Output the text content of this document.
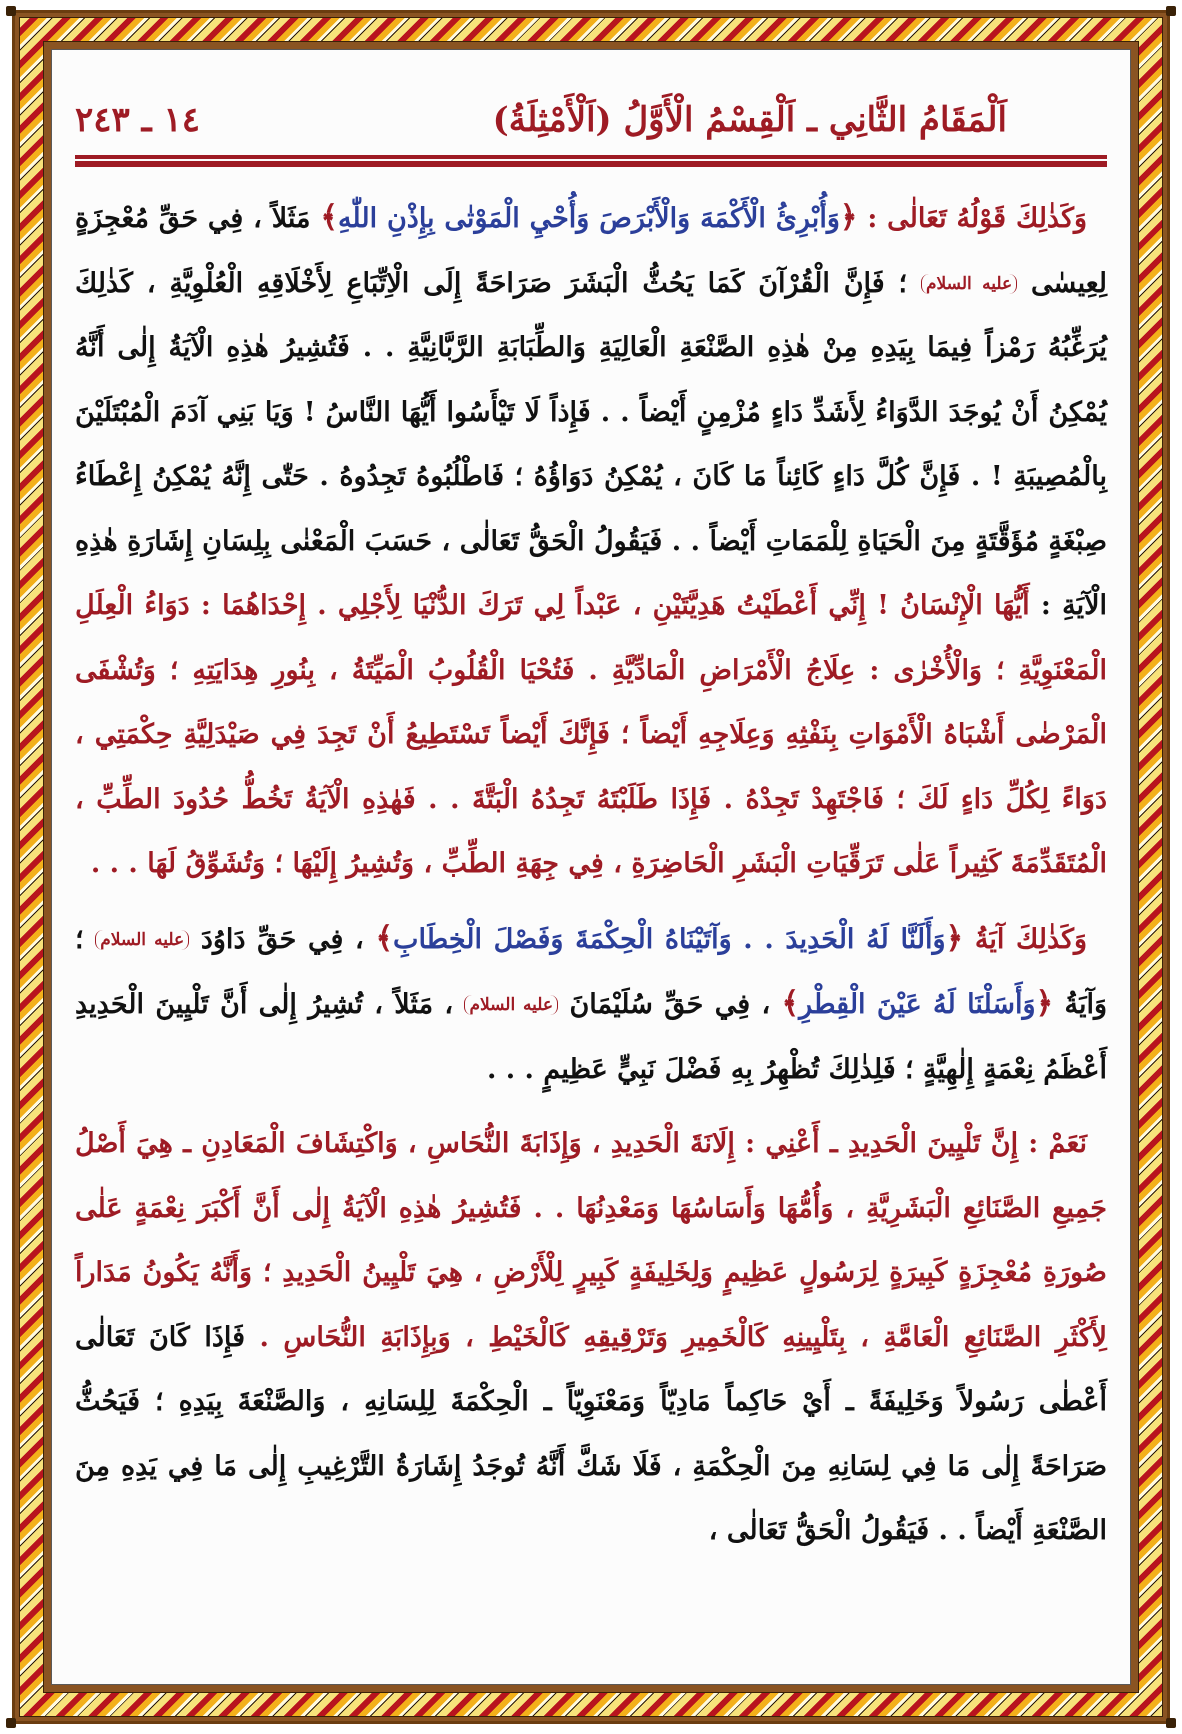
اَلْمَقَامُ الثَّانِي ـ اَلْقِسْمُ الْأَوَّلُ (اَلْأَمْثِلَةُ)
١٤ ـ ٢٤٣

وَكَذٰلِكَ قَوْلُهُ تَعَالٰى : ﴿وَأُبْرِئُ الْأَكْمَهَ وَالْأَبْرَصَ وَأُحْيِ الْمَوْتٰى بِإِذْنِ اللّٰهِ﴾ مَثَلاً ، فِي حَقِّ مُعْجِزَةٍ لِعِيسٰى عليه السلام ؛ فَإِنَّ الْقُرْآنَ كَمَا يَحُثُّ الْبَشَرَ صَرَاحَةً إِلَى الْاِتِّبَاعِ لِأَخْلَاقِهِ الْعُلْوِيَّةِ ، كَذٰلِكَ يُرَغِّبُهُ رَمْزاً فِيمَا بِيَدِهِ مِنْ هٰذِهِ الصَّنْعَةِ الْعَالِيَةِ وَالطِّبَابَةِ الرَّبَّانِيَّةِ . . فَتُشِيرُ هٰذِهِ الْآيَةُ إِلٰى أَنَّهُ يُمْكِنُ أَنْ يُوجَدَ الدَّوَاءُ لِأَشَدِّ دَاءٍ مُزْمِنٍ أَيْضاً . . فَإِذاً لَا تَيْأَسُوا أَيُّهَا النَّاسُ ! وَيَا بَنِي آدَمَ الْمُبْتَلَيْنَ بِالْمُصِيبَةِ ! . فَإِنَّ كُلَّ دَاءٍ كَائِناً مَا كَانَ ، يُمْكِنُ دَوَاؤُهُ ؛ فَاطْلُبُوهُ تَجِدُوهُ . حَتّٰى إِنَّهُ يُمْكِنُ إِعْطَاءُ صِبْغَةٍ مُؤَقَّتَةٍ مِنَ الْحَيَاةِ لِلْمَمَاتِ أَيْضاً . . فَيَقُولُ الْحَقُّ تَعَالٰى ، حَسَبَ الْمَعْنٰى بِلِسَانِ إِشَارَةِ هٰذِهِ الْآيَةِ : أَيُّهَا الْإِنْسَانُ ! إِنِّي أَعْطَيْتُ هَدِيَّتَيْنِ ، عَبْداً لِي تَرَكَ الدُّنْيَا لِأَجْلِي . إِحْدَاهُمَا : دَوَاءُ الْعِلَلِ الْمَعْنَوِيَّةِ ؛ وَالْأُخْرٰى : عِلَاجُ الْأَمْرَاضِ الْمَادِّيَّةِ . فَتُحْيَا الْقُلُوبُ الْمَيِّتَةُ ، بِنُورِ هِدَايَتِهِ ؛ وَتُشْفَى الْمَرْضٰى أَشْبَاهُ الْأَمْوَاتِ بِنَفْثِهِ وَعِلَاجِهِ أَيْضاً ؛ فَإِنَّكَ أَيْضاً تَسْتَطِيعُ أَنْ تَجِدَ فِي صَيْدَلِيَّةِ حِكْمَتِي ، دَوَاءً لِكُلِّ دَاءٍ لَكَ ؛ فَاجْتَهِدْ تَجِدْهُ . فَإِذَا طَلَبْتَهُ تَجِدُهُ الْبَتَّةَ . . فَهٰذِهِ الْآيَةُ تَخُطُّ حُدُودَ الطِّبِّ ، الْمُتَقَدِّمَةَ كَثِيراً عَلٰى تَرَقِّيَاتِ الْبَشَرِ الْحَاضِرَةِ ، فِي جِهَةِ الطِّبِّ ، وَتُشِيرُ إِلَيْهَا ؛ وَتُشَوِّقُ لَهَا . . .

وَكَذٰلِكَ آيَةُ ﴿وَأَلَنَّا لَهُ الْحَدِيدَ . . وَآتَيْنَاهُ الْحِكْمَةَ وَفَصْلَ الْخِطَابِ﴾ ، فِي حَقِّ دَاوُدَ عليه السلام ؛ وَآيَةُ ﴿وَأَسَلْنَا لَهُ عَيْنَ الْقِطْرِ﴾ ، فِي حَقِّ سُلَيْمَانَ عليه السلام ، مَثَلاً ، تُشِيرُ إِلٰى أَنَّ تَلْيِينَ الْحَدِيدِ أَعْظَمُ نِعْمَةٍ إِلٰهِيَّةٍ ؛ فَلِذٰلِكَ تُظْهِرُ بِهِ فَضْلَ نَبِيٍّ عَظِيمٍ . . .

نَعَمْ : إِنَّ تَلْيِينَ الْحَدِيدِ ـ أَعْنِي : إِلَانَةَ الْحَدِيدِ ، وَإِذَابَةَ النُّحَاسِ ، وَاكْتِشَافَ الْمَعَادِنِ ـ هِيَ أَصْلُ جَمِيعِ الصَّنَائِعِ الْبَشَرِيَّةِ ، وَأُمُّهَا وَأَسَاسُهَا وَمَعْدِنُهَا . . فَتُشِيرُ هٰذِهِ الْآيَةُ إِلٰى أَنَّ أَكْبَرَ نِعْمَةٍ عَلٰى صُورَةِ مُعْجِزَةٍ كَبِيرَةٍ لِرَسُولٍ عَظِيمٍ وَلِخَلِيفَةٍ كَبِيرٍ لِلْأَرْضِ ، هِيَ تَلْيِينُ الْحَدِيدِ ؛ وَأَنَّهُ يَكُونُ مَدَاراً لِأَكْثَرِ الصَّنَائِعِ الْعَامَّةِ ، بِتَلْيِينِهِ كَالْخَمِيرِ وَتَرْقِيقِهِ كَالْخَيْطِ ، وَبِإِذَابَةِ النُّحَاسِ . فَإِذَا كَانَ تَعَالٰى أَعْطٰى رَسُولاً وَخَلِيفَةً ـ أَيْ حَاكِماً مَادِيّاً وَمَعْنَوِيّاً ـ الْحِكْمَةَ لِلِسَانِهِ ، وَالصَّنْعَةَ بِيَدِهِ ؛ فَيَحُثُّ صَرَاحَةً إِلٰى مَا فِي لِسَانِهِ مِنَ الْحِكْمَةِ ، فَلَا شَكَّ أَنَّهُ تُوجَدُ إِشَارَةُ التَّرْغِيبِ إِلٰى مَا فِي يَدِهِ مِنَ الصَّنْعَةِ أَيْضاً . . فَيَقُولُ الْحَقُّ تَعَالٰى ،
